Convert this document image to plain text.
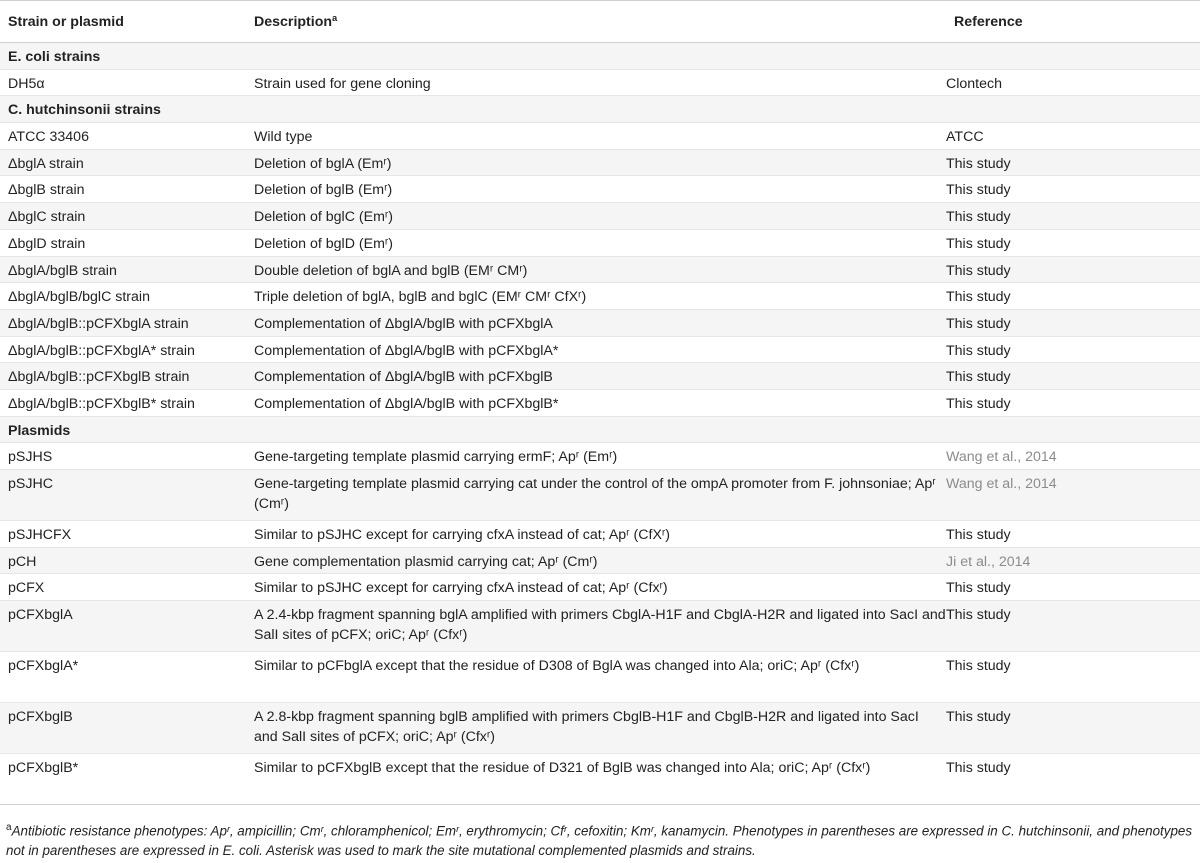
Strain or plasmid	Descriptionª	Reference
E. coli strains		
DH5α	Strain used for gene cloning	Clontech
C. hutchinsonii strains		
ATCC 33406	Wild type	ATCC
ΔbglA strain	Deletion of bglA (Emʳ)	This study
ΔbglB strain	Deletion of bglB (Emʳ)	This study
ΔbglC strain	Deletion of bglC (Emʳ)	This study
ΔbglD strain	Deletion of bglD (Emʳ)	This study
ΔbglA/bglB strain	Double deletion of bglA and bglB (EMʳ CMʳ)	This study
ΔbglA/bglB/bglC strain	Triple deletion of bglA, bglB and bglC (EMʳ CMʳ CfXʳ)	This study
ΔbglA/bglB::pCFXbglA strain	Complementation of ΔbglA/bglB with pCFXbglA	This study
ΔbglA/bglB::pCFXbglA* strain	Complementation of ΔbglA/bglB with pCFXbglA*	This study
ΔbglA/bglB::pCFXbglB strain	Complementation of ΔbglA/bglB with pCFXbglB	This study
ΔbglA/bglB::pCFXbglB* strain	Complementation of ΔbglA/bglB with pCFXbglB*	This study
Plasmids		
pSJHS	Gene-targeting template plasmid carrying ermF; Apʳ (Emʳ)	Wang et al., 2014
pSJHC	Gene-targeting template plasmid carrying cat under the control of the ompA promoter from F. johnsoniae; Apʳ (Cmʳ)	Wang et al., 2014
pSJHCFX	Similar to pSJHC except for carrying cfxA instead of cat; Apʳ (CfXʳ)	This study
pCH	Gene complementation plasmid carrying cat; Apʳ (Cmʳ)	Ji et al., 2014
pCFX	Similar to pSJHC except for carrying cfxA instead of cat; Apʳ (Cfxʳ)	This study
pCFXbglA	A 2.4-kbp fragment spanning bglA amplified with primers CbglA-H1F and CbglA-H2R and ligated into SacI and SalI sites of pCFX; oriC; Apʳ (Cfxʳ)	This study
pCFXbglA*	Similar to pCFbglA except that the residue of D308 of BglA was changed into Ala; oriC; Apʳ (Cfxʳ)	This study
pCFXbglB	A 2.8-kbp fragment spanning bglB amplified with primers CbglB-H1F and CbglB-H2R and ligated into SacI and SalI sites of pCFX; oriC; Apʳ (Cfxʳ)	This study
pCFXbglB*	Similar to pCFXbglB except that the residue of D321 of BglB was changed into Ala; oriC; Apʳ (Cfxʳ)	This study
$^a$Antibiotic resistance phenotypes: Apʳ, ampicillin; Cmʳ, chloramphenicol; Emʳ, erythromycin; Cfʳ, cefoxitin; Kmʳ, kanamycin. Phenotypes in parentheses are expressed in C. hutchinsonii, and phenotypes not in parentheses are expressed in E. coli. Asterisk was used to mark the site mutational complemented plasmids and strains.
